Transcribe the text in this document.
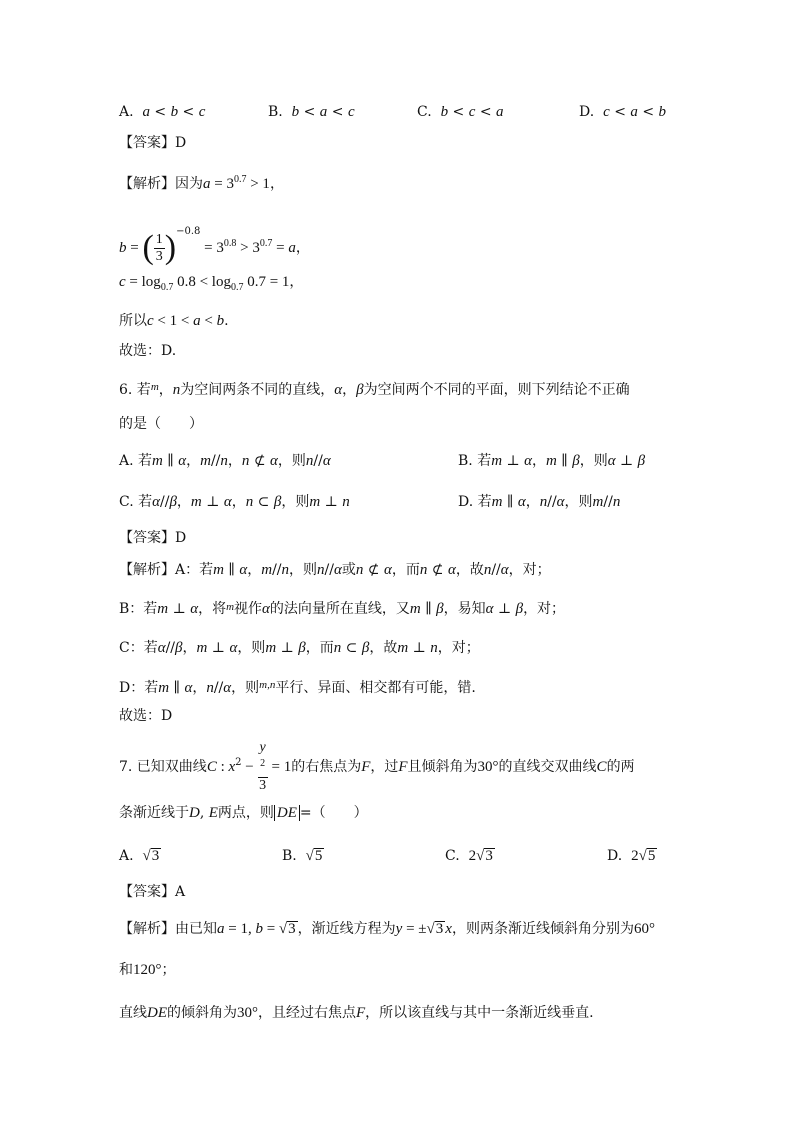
A. a < b < c	B. b < a < c	C. b < c < a	D. c < a < b
【答案】D
【解析】因为$a = 3^{0.7} > 1$，
b = ( $\frac{1}{3} )^{-0.8} = 3^{0.8} > 3^{0.7} = a$，
$c = \log_{0.7} 0.8 < \log_{0.7} 0.7 = 1$，
所以c < 1 < a < b.
故选：D.
6. 若$^m$，n为空间两条不同的直线，α，β为空间两个不同的平面，则下列结论不正确
的是（　　）
A. 若m ∥ α，m//n，n ⊄ α，则n//α	B. 若m ⊥ α，m ∥ β，则α ⊥ β
C. 若α//β，m ⊥ α，n ⊂ β，则m ⊥ n	D. 若m ∥ α，n//α，则m//n
【答案】D
【解析】A：若m ∥ α，m//n，则n//α或n ⊄ α，而n ⊄ α，故n//α，对；
B：若m ⊥ α，将$^m$视作α的法向量所在直线，又m ∥ β，易知α ⊥ β，对；
C：若α//β，m ⊥ α，则m ⊥ β，而n ⊂ β，故m ⊥ n，对；
D：若m ∥ α，n//α，则$^{m,n}$平行、异面、相交都有可能，错.
故选：D
7. 已知双曲线C : $x^2 - y$
$^2$
3 = 1的右焦点为F，过F且倾斜角为30°的直线交双曲线C的两
条渐近线于D, E两点，则 DE =（　　）
A.  √3	B.  √5	C.  2√3	D.  2√5
【答案】A
【解析】由已知a = 1, b = √3 ，渐近线方程为y = ±√3 x，则两条渐近线倾斜角分别为60°
和120°；
直线DE的倾斜角为30°，且经过右焦点F，所以该直线与其中一条渐近线垂直.
